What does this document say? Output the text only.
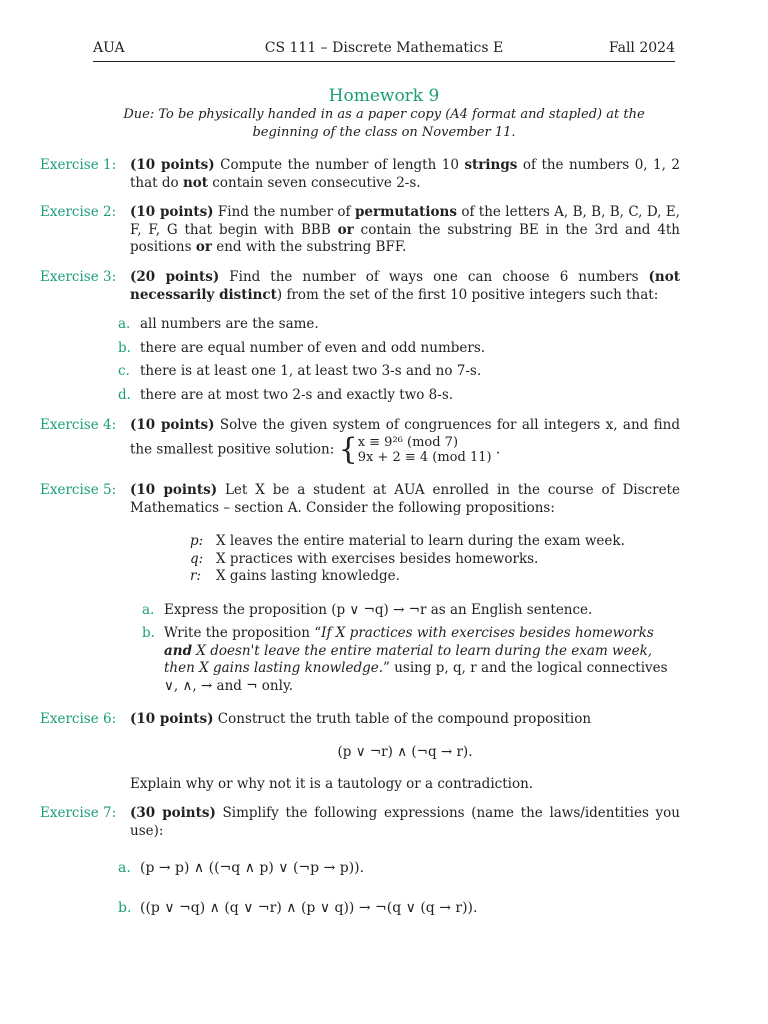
CS 111 – Discrete Mathematics E
AUA	Fall 2024
Homework 9
Due: To be physically handed in as a paper copy (A4 format and stapled) at the beginning of the class on November 11.
Exercise 1: (10 points) Compute the number of length 10 strings of the numbers 0, 1, 2 that do not contain seven consecutive 2-s.
Exercise 2: (10 points) Find the number of permutations of the letters A, B, B, B, C, D, E, F, F, G that begin with BBB or contain the substring BE in the 3rd and 4th positions or end with the substring BFF.
Exercise 3: (20 points) Find the number of ways one can choose 6 numbers (not necessarily distinct) from the set of the first 10 positive integers such that:
a. all numbers are the same.
b. there are equal number of even and odd numbers.
c. there is at least one 1, at least two 3-s and no 7-s.
d. there are at most two 2-s and exactly two 8-s.
Exercise 4: (10 points) Solve the given system of congruences for all integers x, and find the smallest positive solution: { x ≡ 9²⁶ (mod 7)
9x + 2 ≡ 4 (mod 11) .
Exercise 5: (10 points) Let X be a student at AUA enrolled in the course of Discrete Mathematics – section A. Consider the following propositions:
p: X leaves the entire material to learn during the exam week.
q: X practices with exercises besides homeworks.
r:	X gains lasting knowledge.
a. Express the proposition (p ∨ ¬q) → ¬r as an English sentence.
b. Write the proposition “If X practices with exercises besides homeworks and X doesn't leave the entire material to learn during the exam week, then X gains lasting knowledge.” using p, q, r and the logical connectives ∨, ∧, → and ¬ only.
Exercise 6: (10 points) Construct the truth table of the compound proposition
(p ∨ ¬r) ∧ (¬q → r).
Explain why or why not it is a tautology or a contradiction.
Exercise 7: (30 points) Simplify the following expressions (name the laws/identities you use):
a. (p → p) ∧ ((¬q ∧ p) ∨ (¬p → p)).
b. ((p ∨ ¬q) ∧ (q ∨ ¬r) ∧ (p ∨ q)) → ¬(q ∨ (q → r)).
